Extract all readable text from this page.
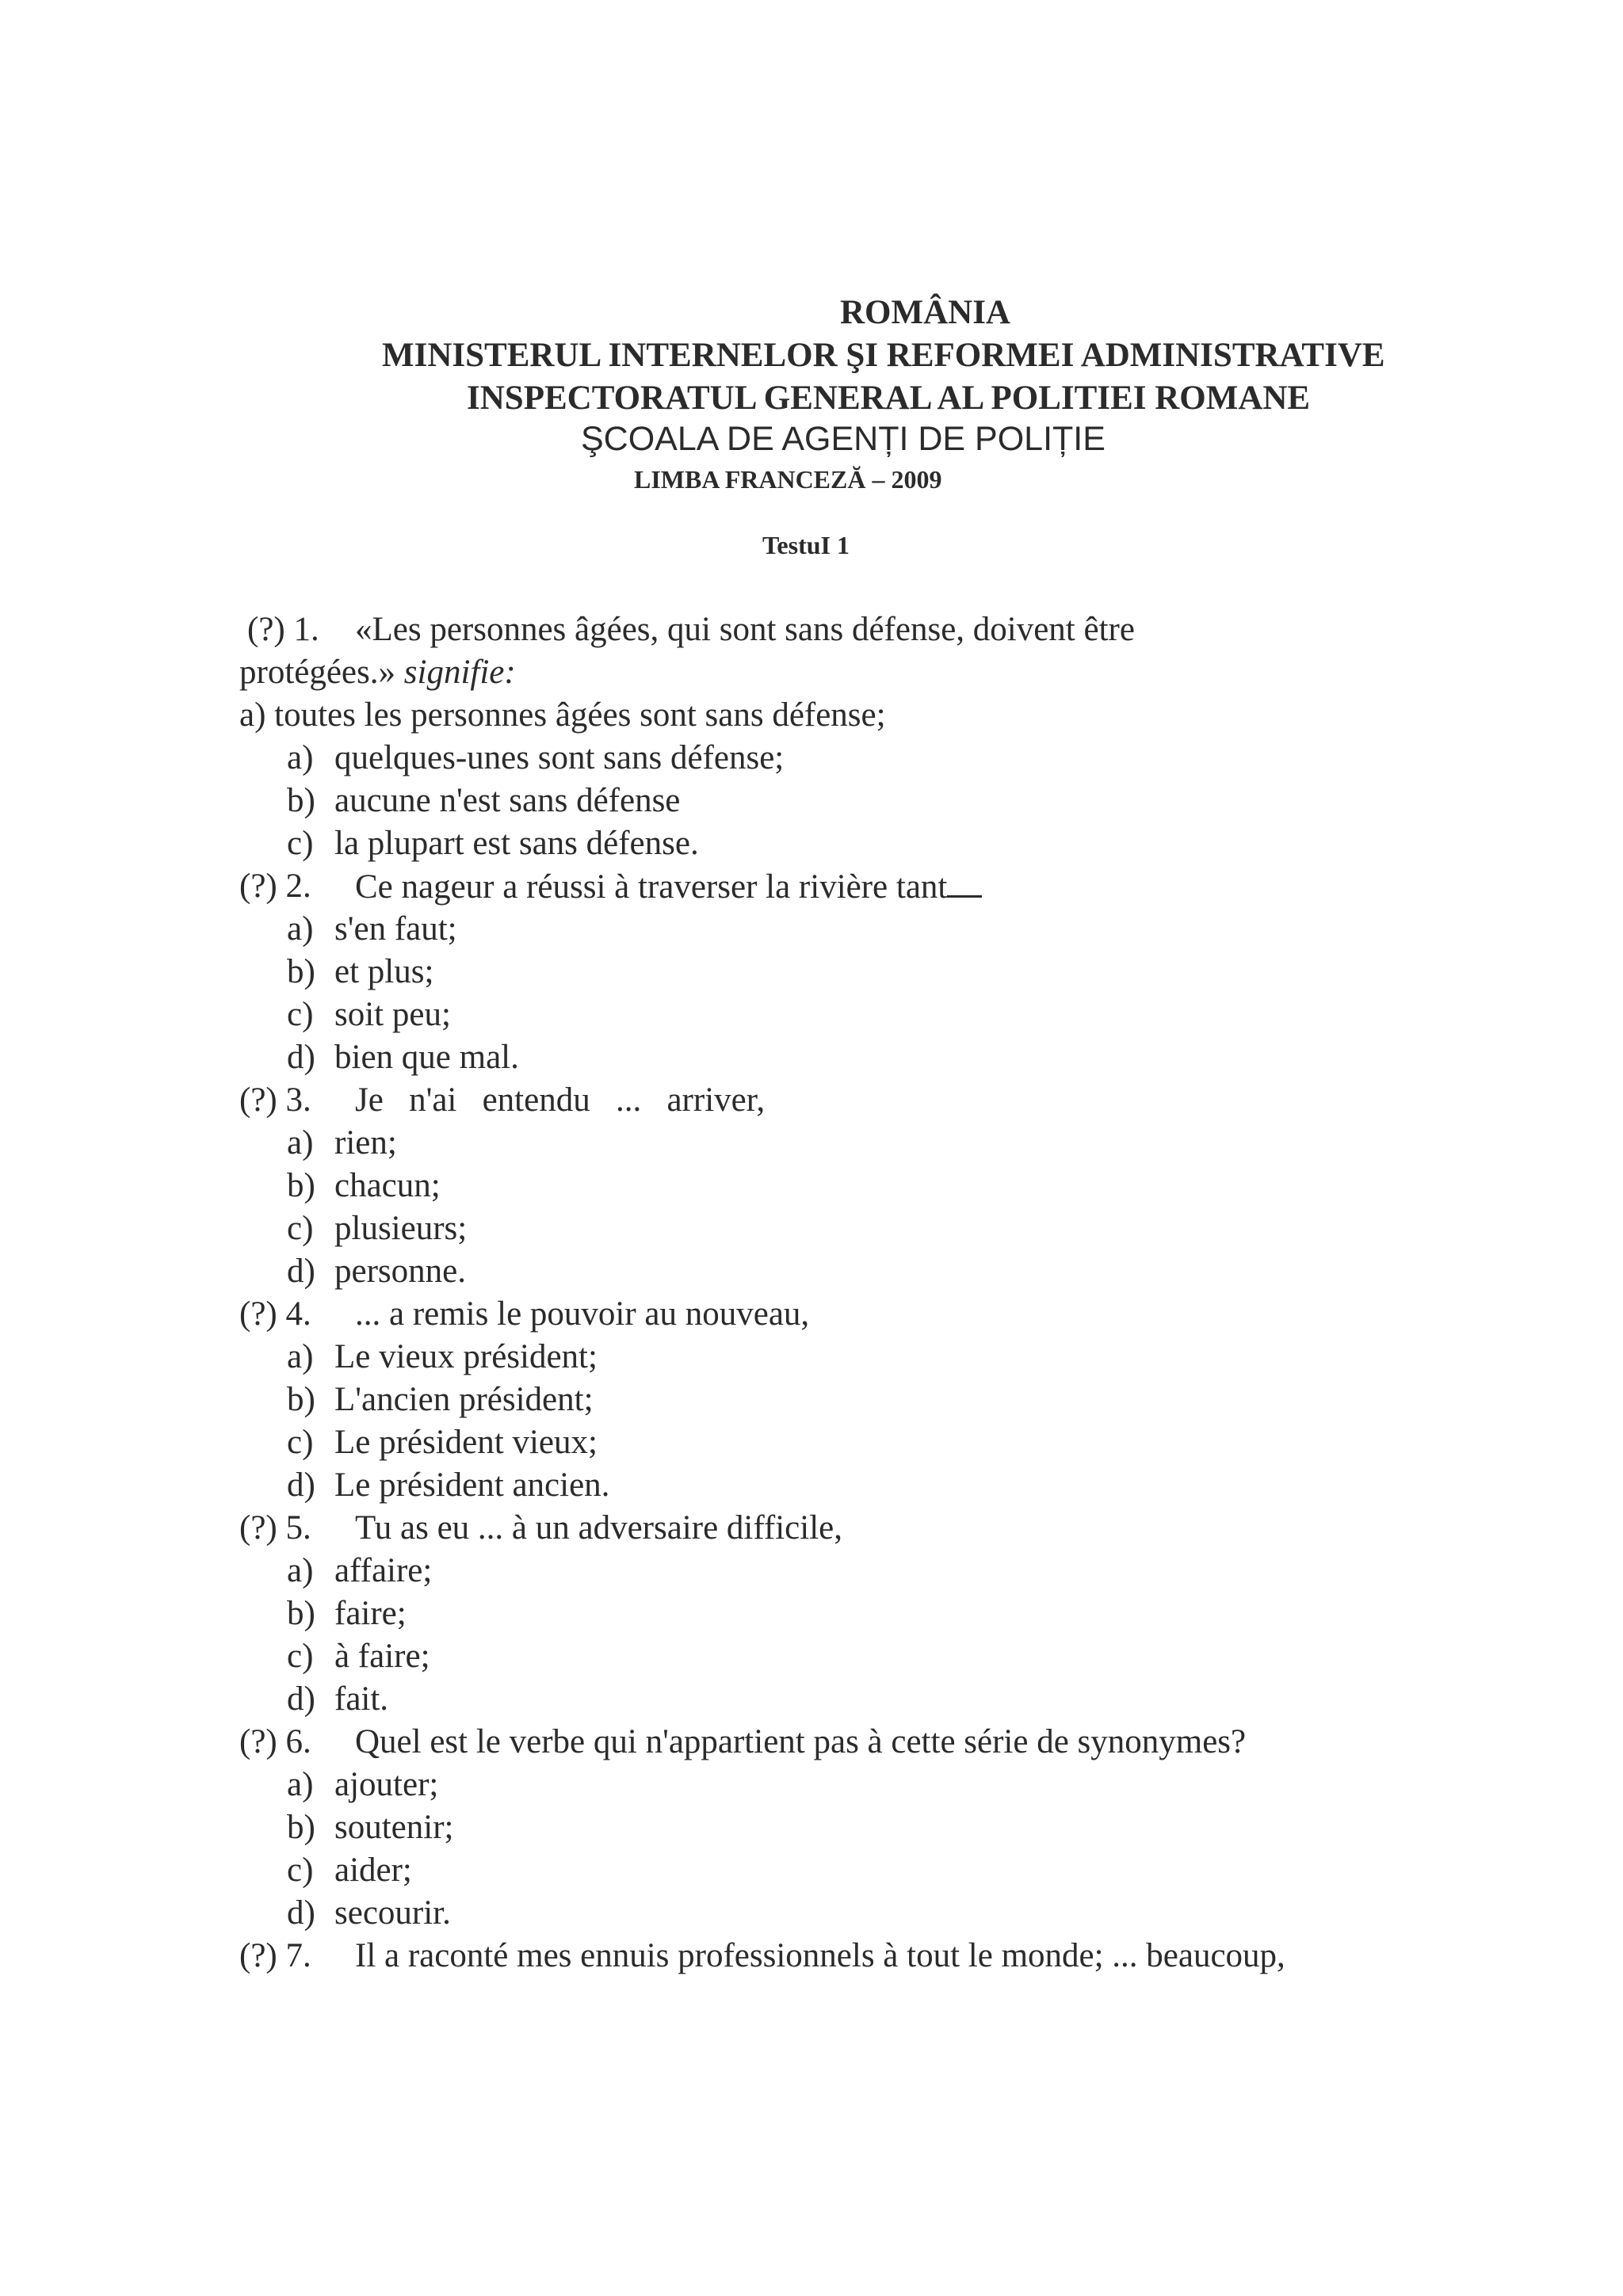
ROMÂNIA
MINISTERUL INTERNELOR ŞI REFORMEI ADMINISTRATIVE
INSPECTORATUL GENERAL AL POLITIEI ROMANE
ŞCOALA DE AGENȚI DE POLIȚIE
LIMBA FRANCEZĂ – 2009
TestuI 1
(?) 1. «Les personnes âgées, qui sont sans défense, doivent être
protégées.» signifie:
a) toutes les personnes âgées sont sans défense;
a) quelques-unes sont sans défense;
b) aucune n'est sans défense
c) la plupart est sans défense.
(?) 2. Ce nageur a réussi à traverser la rivière tant
a) s'en faut;
b) et plus;
c) soit peu;
d) bien que mal.
(?) 3. Je   n'ai   entendu   ...   arriver,
a) rien;
b) chacun;
c) plusieurs;
d) personne.
(?) 4. ... a remis le pouvoir au nouveau,
a) Le vieux président;
b) L'ancien président;
c) Le président vieux;
d) Le président ancien.
(?) 5. Tu as eu ... à un adversaire difficile,
a) affaire;
b) faire;
c) à faire;
d) fait.
(?) 6. Quel est le verbe qui n'appartient pas à cette série de synonymes?
a) ajouter;
b) soutenir;
c) aider;
d) secourir.
(?) 7. Il a raconté mes ennuis professionnels à tout le monde; ... beaucoup,
